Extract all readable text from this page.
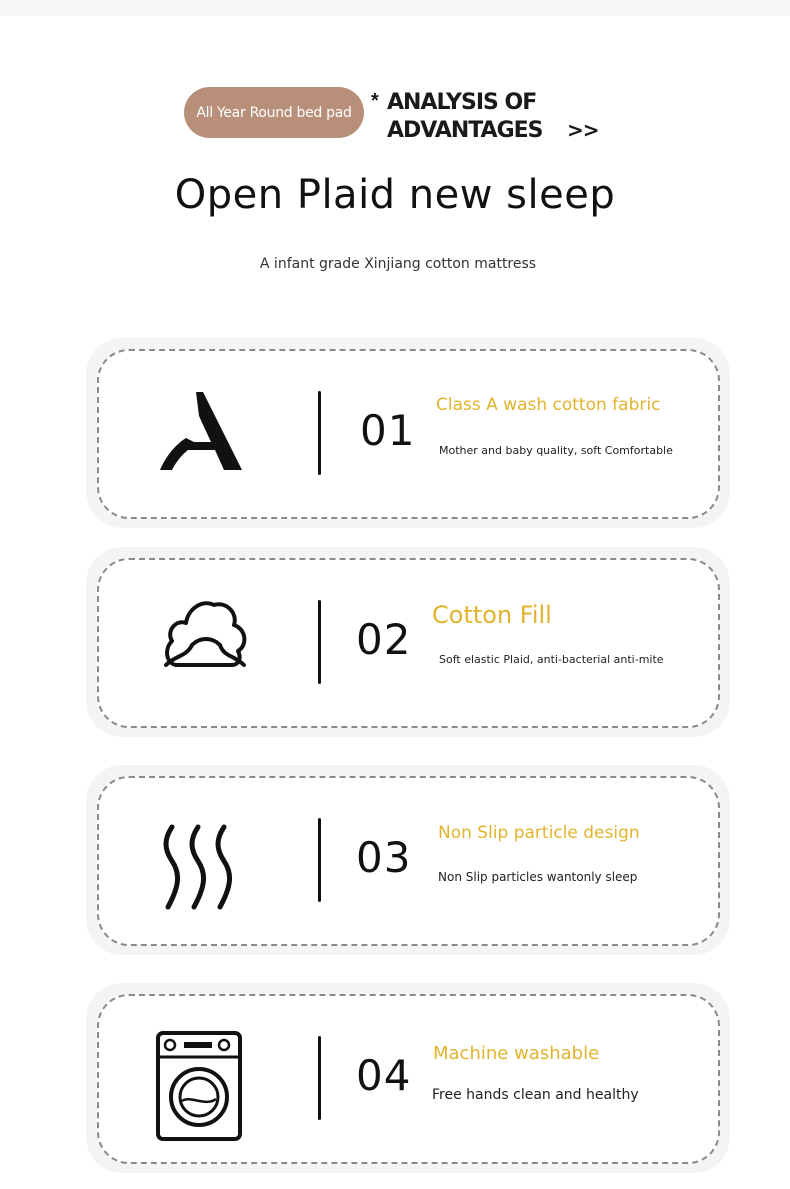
All Year Round bed pad
* ANALYSIS OF
ADVANTAGES >>
Open Plaid new sleep
A infant grade Xinjiang cotton mattress
01
Class A wash cotton fabric
Mother and baby quality, soft Comfortable
02 Cotton Fill
Soft elastic Plaid, anti-bacterial anti-mite
03 Non Slip particle design
Non Slip particles wantonly sleep
04 Machine washable
Free hands clean and healthy
